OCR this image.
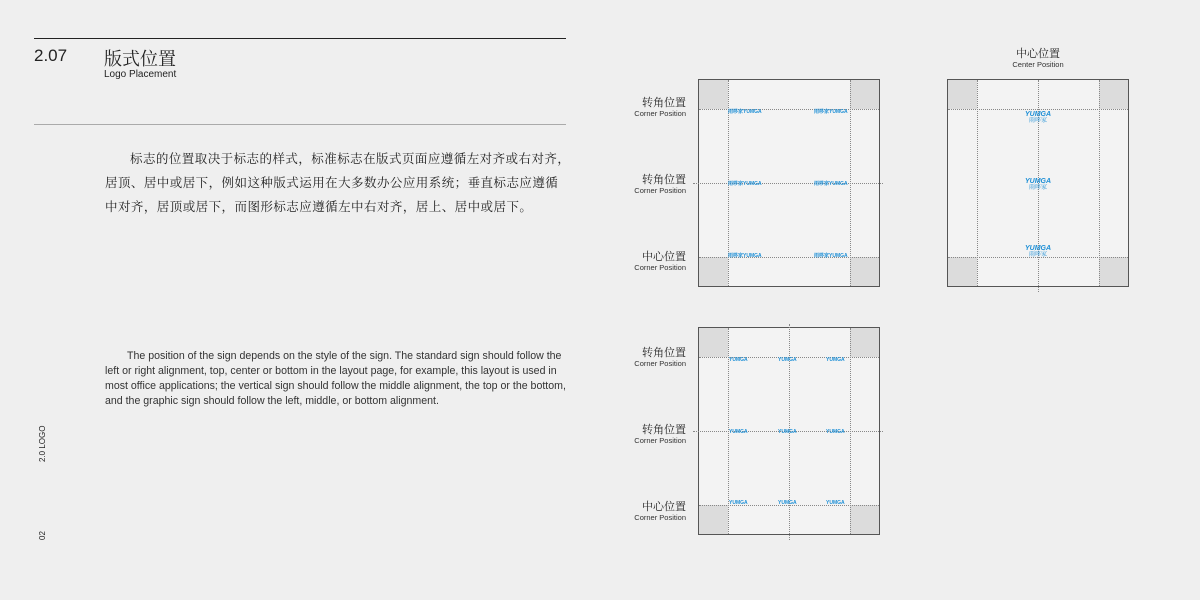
2.07 版式位置
Logo Placement
标志的位置取决于标志的样式，标准标志在版式页面应遵循左对齐或右对齐，居顶、居中或居下，例如这种版式运用在大多数办公应用系统；垂直标志应遵循中对齐，居顶或居下，而图形标志应遵循左中右对齐，居上、居中或居下。
The position of the sign depends on the style of the sign. The standard sign should follow the left or right alignment, top, center or bottom in the layout page, for example, this layout is used in most office applications; the vertical sign should follow the middle alignment, the top or the bottom, and the graphic sign should follow the left, middle, or bottom alignment.
2.0 LOGO
02
转角位置
Corner Position
转角位置
Corner Position
中心位置
Corner Position
雨哆家YUMGA	雨哆家YUMGA
雨哆家YUMGA	雨哆家YUMGA
雨哆家YUMGA	雨哆家YUMGA
中心位置
Center Position
YUMGA
雨哆家
YUMGA
雨哆家
YUMGA
雨哆家
转角位置
Corner Position
转角位置
Corner Position
中心位置
Corner Position
YUMGA	YUMGA	YUMGA
YUMGA	YUMGA	YUMGA
YUMGA	YUMGA	YUMGA
